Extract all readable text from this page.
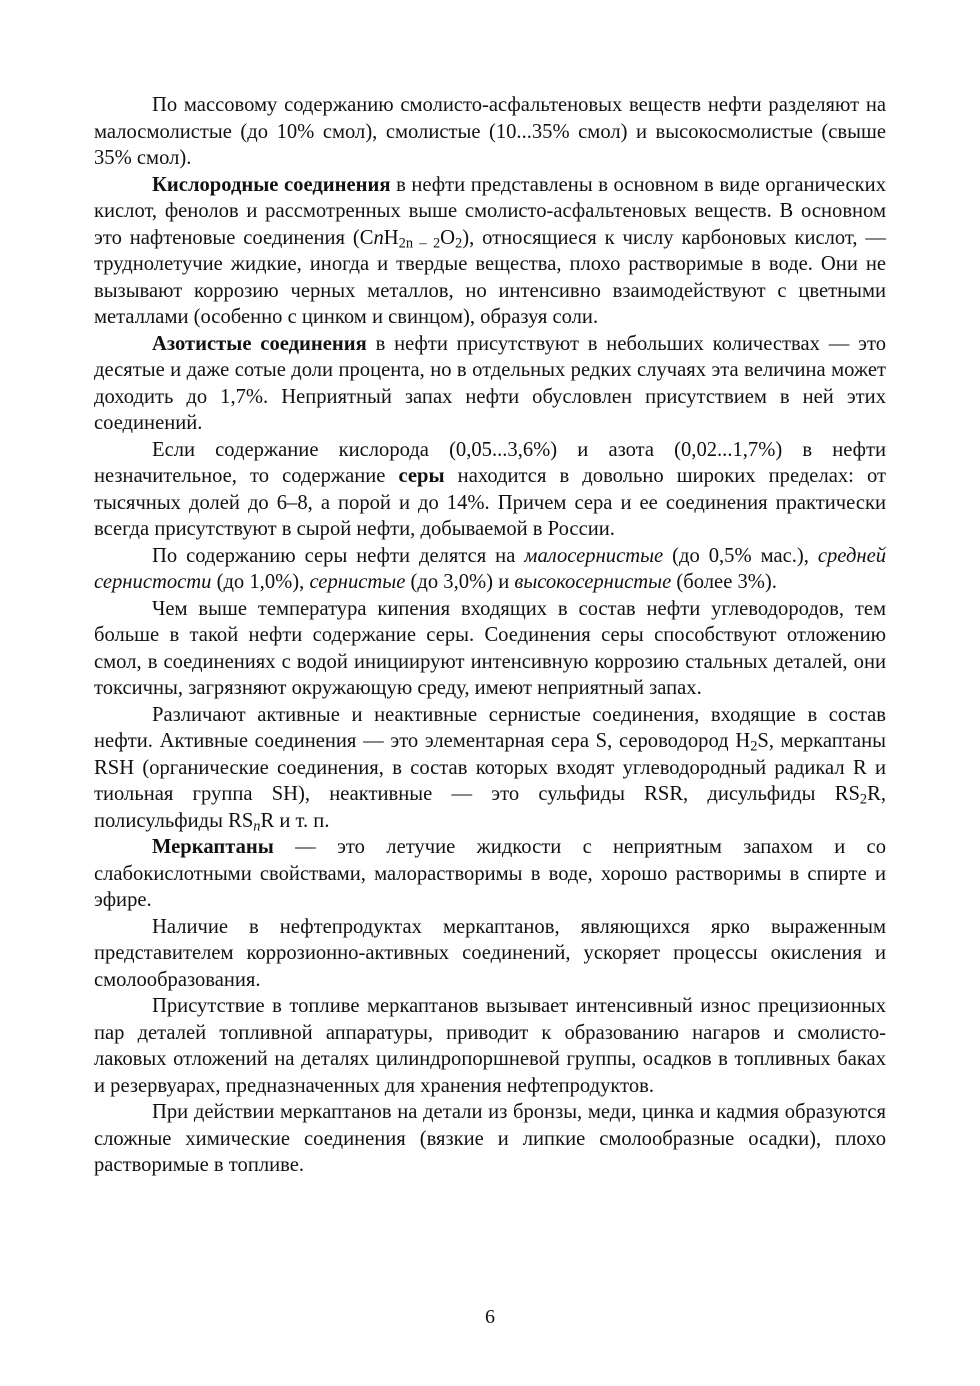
По массовому содержанию смолисто-асфальтеновых веществ нефти разделяют на малосмолистые (до 10% смол), смолистые (10...35% смол) и высокосмолистые (свыше 35% смол).

Кислородные соединения в нефти представлены в основном в виде органических кислот, фенолов и рассмотренных выше смолисто-асфальтеновых веществ. В основном это нафтеновые соединения $(CnH_{2n - 2}O_2)$, относящиеся к числу карбоновых кислот, — труднолетучие жидкие, иногда и твердые вещества, плохо растворимые в воде. Они не вызывают коррозию черных металлов, но интенсивно взаимодействуют с цветными металлами (особенно с цинком и свинцом), образуя соли.

Азотистые соединения в нефти присутствуют в небольших количествах — это десятые и даже сотые доли процента, но в отдельных редких случаях эта величина может доходить до 1,7%. Неприятный запах нефти обусловлен присутствием в ней этих соединений.

Если содержание кислорода (0,05...3,6%) и азота (0,02...1,7%) в нефти незначительное, то содержание серы находится в довольно широких пределах: от тысячных долей до 6–8, а порой и до 14%. Причем сера и ее соединения практически всегда присутствуют в сырой нефти, добываемой в России.

По содержанию серы нефти делятся на малосернистые (до 0,5% мас.), средней сернистости (до 1,0%), сернистые (до 3,0%) и высокосернистые (более 3%).

Чем выше температура кипения входящих в состав нефти углеводородов, тем больше в такой нефти содержание серы. Соединения серы способствуют отложению смол, в соединениях с водой инициируют интенсивную коррозию стальных деталей, они токсичны, загрязняют окружающую среду, имеют неприятный запах.

Различают активные и неактивные сернистые соединения, входящие в состав нефти. Активные соединения — это элементарная сера S, сероводород $H_2S$, меркаптаны RSH (органические соединения, в состав которых входят углеводородный радикал R и тиольная группа SH), неактивные — это сульфиды RSR, дисульфиды $RS_2R$, полисульфиды $RS_nR$ и т. п.

Меркаптаны — это летучие жидкости с неприятным запахом и со слабокислотными свойствами, малорастворимы в воде, хорошо растворимы в спирте и эфире.

Наличие в нефтепродуктах меркаптанов, являющихся ярко выраженным представителем коррозионно-активных соединений, ускоряет процессы окисления и смолообразования.

Присутствие в топливе меркаптанов вызывает интенсивный износ прецизионных пар деталей топливной аппаратуры, приводит к образованию нагаров и смолисто-лаковых отложений на деталях цилиндропоршневой группы, осадков в топливных баках и резервуарах, предназначенных для хранения нефтепродуктов.

При действии меркаптанов на детали из бронзы, меди, цинка и кадмия образуются сложные химические соединения (вязкие и липкие смолообразные осадки), плохо растворимые в топливе.

6
